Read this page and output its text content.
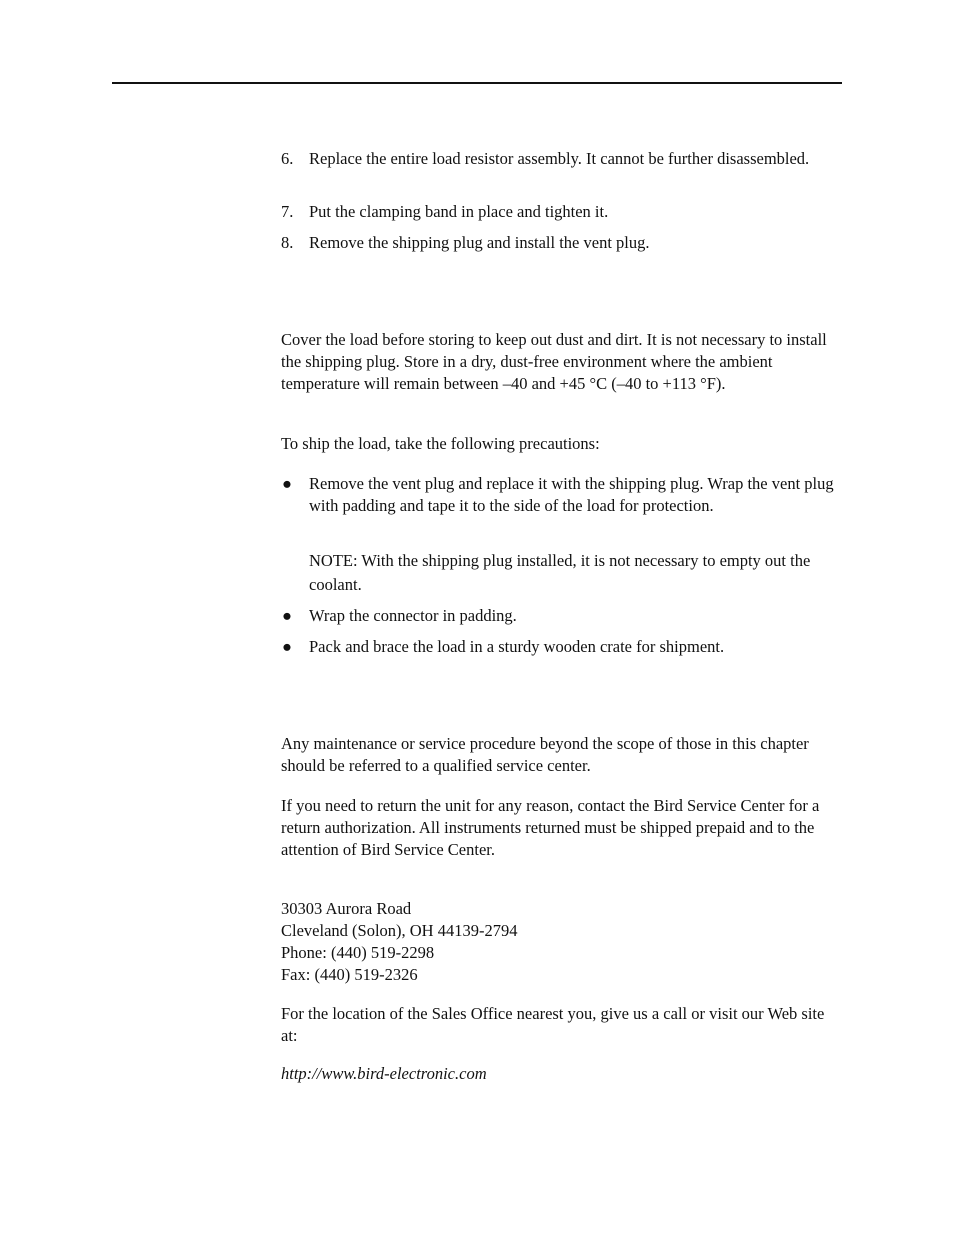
6. Replace the entire load resistor assembly. It cannot be further disassembled.
7. Put the clamping band in place and tighten it.
8. Remove the shipping plug and install the vent plug.
Cover the load before storing to keep out dust and dirt. It is not necessary to install the shipping plug. Store in a dry, dust-free environment where the ambient temperature will remain between –40 and +45 °C (–40 to +113 °F).
To ship the load, take the following precautions:
● Remove the vent plug and replace it with the shipping plug. Wrap the vent plug with padding and tape it to the side of the load for protection.
NOTE: With the shipping plug installed, it is not necessary to empty out the coolant.
● Wrap the connector in padding.
● Pack and brace the load in a sturdy wooden crate for shipment.
Any maintenance or service procedure beyond the scope of those in this chapter should be referred to a qualified service center.
If you need to return the unit for any reason, contact the Bird Service Center for a return authorization. All instruments returned must be shipped prepaid and to the attention of Bird Service Center.
30303 Aurora Road
Cleveland (Solon), OH 44139-2794
Phone: (440) 519-2298
Fax: (440) 519-2326
For the location of the Sales Office nearest you, give us a call or visit our Web site at:
http://www.bird-electronic.com
